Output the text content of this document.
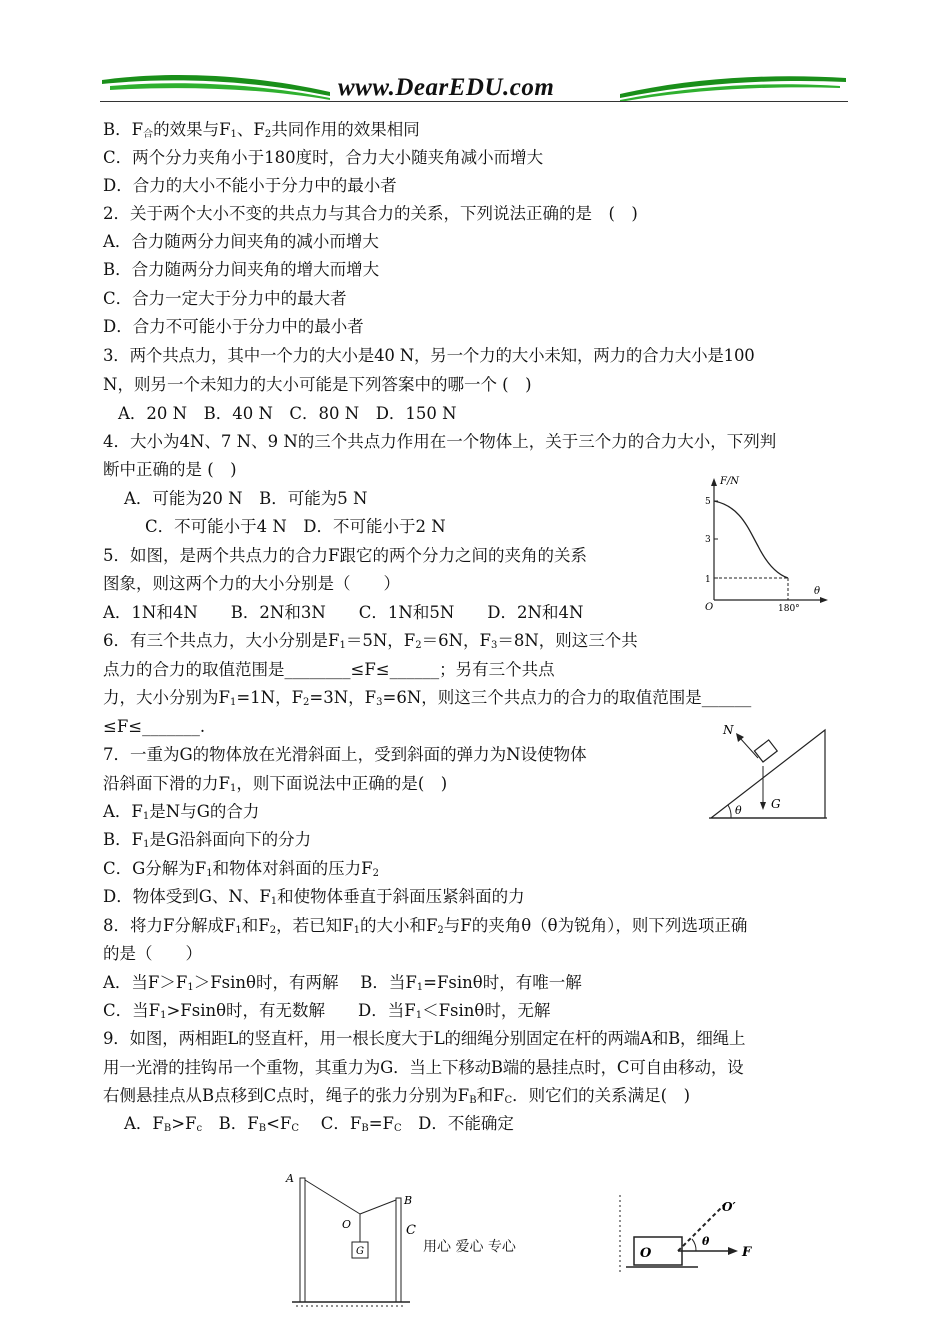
www.DearEDU.com
B．$F_合$的效果与$F_1$、$F_2$共同作用的效果相同
C．两个分力夹角小于180度时，合力大小随夹角减小而增大
D．合力的大小不能小于分力中的最小者
2．关于两个大小不变的共点力与其合力的关系，下列说法正确的是　(　)
A．合力随两分力间夹角的减小而增大
B．合力随两分力间夹角的增大而增大
C．合力一定大于分力中的最大者
D．合力不可能小于分力中的最小者
3．两个共点力，其中一个力的大小是40 N，另一个力的大小未知，两力的合力大小是100
N，则另一个未知力的大小可能是下列答案中的哪一个 (　)
A．20 N　B．40 N　C．80 N　D．150 N
4．大小为4N、7 N、9 N的三个共点力作用在一个物体上，关于三个力的合力大小，下列判
断中正确的是 (　)
A．可能为20 N　B．可能为5 N
C．不可能小于4 N　D．不可能小于2 N
5．如图，是两个共点力的合力F跟它的两个分力之间的夹角的关系
图象，则这两个力的大小分别是（　　）
A．1N和4N　　B．2N和3N　　C．1N和5N　　D．2N和4N
6．有三个共点力，大小分别是$F_1=5N$，$F_2=6N$，$F_3=8N$，则这三个共
点力的合力的取值范围是________≤F≤______；另有三个共点
力，大小分别为$F_1=1N$，$F_2=3N$，$F_3=6N$，则这三个共点力的合力的取值范围是______
≤F≤_______.
7．一重为G的物体放在光滑斜面上，受到斜面的弹力为N设使物体
沿斜面下滑的力$F_1$，则下面说法中正确的是(　)
A．$F_1$是N与G的合力
B．$F_1$是G沿斜面向下的分力
C．G分解为$F_1$和物体对斜面的压力$F_2$
D．物体受到G、N、$F_1$和使物体垂直于斜面压紧斜面的力
8．将力F分解成$F_1$和$F_2$，若已知$F_1$的大小和$F_2$与F的夹角θ（θ为锐角），则下列选项正确
的是（　　）
A．当$F>F_1>Fsin\theta$时，有两解　 B．当$F_1=Fsin\theta$时，有唯一解
C．当$F_1>Fsin\theta$时，有无数解　　D．当$F_1<Fsin\theta$时，无解
9．如图，两相距L的竖直杆，用一根长度大于L的细绳分别固定在杆的两端A和B，细绳上
用一光滑的挂钩吊一个重物，其重力为G．当上下移动B端的悬挂点时，C可自由移动，设
右侧悬挂点从B点移到C点时，绳子的张力分别为$F_B$和$F_C$．则它们的关系满足(　)
A．$F_B>F_c$　B．$F_B<F_C$　 C．$F_B=F_C$　D．不能确定
F/N
θ
O
5
3
1
180°
N
G
θ
G
A
B
C
O
O
θ
O′
F
用心 爱心 专心
